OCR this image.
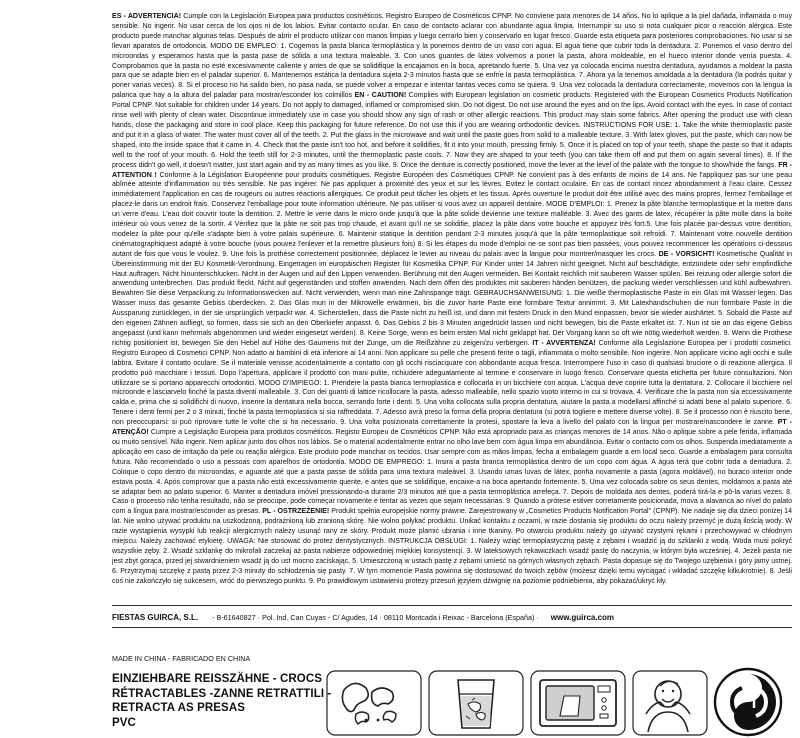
ES - ADVERTENCIA! Cumple con la Legislación Europea para productos cosméticos. Registro Europeo de Cosméticos CPNP. No conviene para menores de 14 años. No lo aplique a la piel dañada, inflamada o muy sensible. No ingerir. No usar cerca de los ojos ni de los labios. Evitar contacto ocular. En caso de contacto aclarar con abundante agua limpia. Interrumpir su uso si nota cualquier picor o reacción alérgica. Este producto puede manchar algunas telas. Después de abrir el producto utilizar con manos limpias y luego cerrarlo bien y conservarlo en lugar fresco. Guarde esta etiqueta para posteriores comprobaciones. No usar si se llevan aparatos de ortodoncia. MODO DE EMPLEO: 1. Cogemos la pasta blanca termoplástica y la ponemos dentro de un vaso con agua. El agua tiene que cubrir toda la dentadura. 2. Ponemos el vaso dentro del microondas y esperamos hasta que la pasta pase de sólida a una textura maleable. 3. Con unos guantes de látex volvemos a poner la pasta, ahora moldeable, en el hueco interior donde venía puesta. 4. Comprobamos que la pasta no esté excesivamente caliente y antes de que se solidifique la encajamos en la boca, apretando fuerte. 5. Una vez ya colocada encima nuestra dentadura, ayudamos a moldear la pasta para que se adapte bien en el paladar superior. 6. Mantenemos estática la dentadura sujeta 2-3 minutos hasta que se enfríe la pasta termoplástica. 7. Ahora ya la tenemos amoldada a la dentadura (la podrás quitar y poner varias veces). 8. Si el proceso no ha salido bien, no pasa nada, se puede volver a empezar e intentar tantas veces como se quiera. 9. Una vez colocada la dentadura correctamente, movemos con la lengua la palanca que hay a la altura del paladar para mostrar/esconder los colmillos EN - CAUTION! Complies with European legislation on cosmetic products. Registered with the European Cosmetics Products Notification Portal CPNP. Not suitable for children under 14 years. Do not apply to damaged, inflamed or compromised skin. Do not digest. Do not use around the eyes and on the lips. Avoid contact with the eyes. In case of contact rinse well with plenty of clean water. Discontinue immediately use in case you should show any sign of rash or other allergic reactions. This product may stain some fabrics. After opening the product use with clean hands, close the packaging and store in cool place. Keep this packaging for future reference. Do not use this if you are wearing orthodontic devices. INSTRUCTIONS FOR USE: 1. Take the white thermoplastic paste and put it in a glass of water. The water must cover all of the teeth. 2. Put the glass in the microwave and wait until the paste goes from solid to a malleable texture. 3. With latex gloves, put the paste, which can now be shaped, into the inside space that it came in. 4. Check that the paste isn't too hot, and before it solidifies, fit it into your mouth, pressing firmly. 5. Once it is placed on top of your teeth, shape the paste so that it adapts well to the roof of your mouth. 6. Hold the teeth still for 2-3 minutes, until the thermoplastic paste cools. 7. Now they are shaped to your teeth (you can take them off and put them on again several times). 8. If the process didn't go well, it doesn't matter, just start again and try as many times as you like. 9. Once the denture is correctly positioned, move the lever at the level of the palate with the tongue to show/hide the fangs. FR - ATTENTION ! Conforme à la Législation Européenne pour produits cosmétiques. Registre Européen des Cosmétiques CPNP. Ne convient pas à des enfants de moins de 14 ans. Ne l'appliquez pas sur une peau abîmée atteinte d'inflammation ou très sensible. Ne pas ingérer. Ne pas appliquer à proximité des yeux et sur les lèvres. Evitez le contact oculaire. En cas de contact rincez abondamment à l'eau claire. Cessez immédiatement l'application en cas de rougeurs ou autres réactions allergiques. Ce produit peut tâcher les objets et les tissus. Après ouverture le produit doit être utilisé avec des mains propres, fermez l'emballage et placez-le dans un endroit frais. Conservez l'emballage pour toute information ultérieure. Ne pas utiliser si vous avez un appareil dentaire. MODE D'EMPLOI: 1. Prenez la pâte blanche termoplastique et la mettre dans un verre d'eau. L'eau doit couvrir toute la dentition. 2. Mettre le verre dans le micro onde jusqu'à que la pâte solide devienne une texture malléable. 3. Avec des gants de latex, récupérer la pâte molle dans la boite intérieur où vous venez de la sortir. 4 Vérifiez que la pâte ne soit pas trop chaude, et avant qu'il ne se solidifie, placez la pâte dans votre bouche et appuyez très fort.5. Une fois placée par-dessus votre dentition, modelez la pâte pour qu'elle s'adapte bien à votre palais supérieure. 6. Maintenir statique la dentition pendant 2-3 minutes jusqu'à que la pâte termoplastique soit refroidi. 7. Maintenant votre nouvelle dentition cinématographiquest adapté à votre bouche (vous pouvez l'enlever et la remettre plusieurs fois) 8. Si les étapes du mode d'emploi ne se sont pas bien passées, vous pouvez recommencer les opérations ci-dessous autant de fois que vous le voulez. 9. Une fois la prothèse correctement positionnée, déplacez le levier au niveau du palais avec la langue pour montrer/masquer les crocs. DE - VORSICHT! Kosmetische Qualität in Übereinstimmung mit der EU Kosmetik-Verordnung. Eingetragen im europäischen Register für Kosmetika CPNP. Für Kinder unter 14 Jahren nicht geeignet. Nicht auf beschädigte, entzündete oder sehr empfindliche Haut auftragen. Nicht hinunterschlucken. Nicht in der Augen und auf den Lippen verwenden. Berührung mit den Augen vermeiden. Bei Kontakt reichlich mit sauberem Wasser spülen. Bei reizung oder allergie sofort die anwendung unterbrechen. Das produkt fleckt. Nicht auf gegenständen und stoffen anwenden. Nach dem öffen des produktes mit sauberen händen benützen, die packung wieder verschliessen und kühl aufbewahren. Bewahren Sie diese Verpackung zu Informationswecken auf. Nicht verwenden, wenn man eine Zahnspange trägt. GEBRAUCHSANWEISUNG: 1. Die weiße thermoplastische Paste in ein Glas mit Wasser legen. Das Wasser muss das gesamte Gebiss überdecken. 2. Das Glas mun in der Mikrowelle erwärmen, bis die zuvor harte Paste eine formbare Textur annimmt. 3. Mit Latexhandschuhen die nun formbare Paste in die Aussparung zurücklegen, in der sie ursprünglich verpackt war. 4. Sicherstellen, dass die Paste nicht zu heiß ist, und dann mit festem Druck in den Mund einpassen, bevor sie wieder aushärtet. 5. Sobald die Paste auf den eigenen Zähnen aufliegt, so formen, dass sie sich an den Oberkiefer anpasst. 6. Das Gebiss 2 bis 3 Minuten angedrückt lassen und nicht bewegen, bis die Paste erkaltet ist. 7. Nun ist sie an das eigene Gebiss angepasst (und kann mehrmals abgenommen und wieder eingesetzt werden). 8. Keine Sorge, wenn es beim ersten Mal nicht geklappt hat. Der Vorgang kann so oft wie nötig wiederholt werden. 9. Wenn die Prothese richtig positioniert ist, bewegen Sie den Hebel auf Höhe des Gaumens mit der Zunge, um die Reißzähne zu zeigen/zu verbergen. IT - AVVERTENZA! Conforme alla Legislazione Europea per i prodotti cosmetici. Registro Europeo di Cosmetici CPNP. Non adatto ai bambini di età inferiore ai 14 anni. Non applicare su pelle che presenti ferite o tagli, infiammata o molto sensibile. Non ingerire. Non applicare vicino agli occhi e sulle labbra. Evitare il contatto oculare. Se il materiale venisse accidentalmente a contatto con gli occhi risciacquare con abbondante acqua fresca. Interrompere l'uso in caso di qualsiasi bruciore o di reazione allergica. Il prodotto può macchiare i tessuti. Dopo l'apertura, applicare il prodotto con mani pulite, richiudere adeguatamente al termine e conservare in luogo fresco. Conservare questa etichetta per future consultazioni. Non utilizzare se si portano apparecchi ortodontici. MODO D'IMPIEGO: 1. Prendere la pasta bianca termoplastica e collocarla in un bicchiere con acqua. L'acqua deve coprire tutta la dentatura. 2. Collocare il bicchiere nel microonde e lasciarvelo finché la pasta diventi malleabile. 3. Con dei guanti di lattice ricollocare la pasta, adesso malleabile, nello spazio vuoto interno in cui si trovava. 4. Verificare che la pasta non sia eccessivamente calda e, prima che si solidifichi di nuovo, inserire la dentatura nella bocca, serrando forte i denti. 5. Una volta collocata sulla propria dentatura, aiutare la pasta a modellarsi affinché si adatti bene al palato superiore. 6. Tenere i denti fermi per 2 o 3 minuti, finché la pasta termoplastica si sia raffreddata. 7. Adesso avrà preso la forma della propria dentatura (si potrà togliere e mettere diverse volte). 8. Se il processo non è riuscito bene, non preoccuparsi: si può riprovare tutte le volte che si ha necessario. 9. Una volta posizionata correttamente la protesi, spostare la leva a livello del palato con la lingua per mostrare/nascondere le zanne. PT - ATENÇÃO! Cumpre a Legislação Europeia para produtos cosméticos. Registo Europeu de Cosméticos CPNP. Não está apropriado para as crianças menores de 14 anos. Não o aplique sobre a pele ferida, inflamada ou muito sensível. Não ingerir. Nem aplicar junto dos olhos nos lábios. Se o material acidentalmente entrar no olho lave bem com água limpa em abundância. Evitar o contacto com os olhos. Suspenda imediatamente a aplicação em caso de irritação da pele ou reação alérgica. Este produto pode manchar os tecidos. Usar sempre com as mãos limpas, fecha a embalagem guarde a em local seco. Guarde a embalagem para consulta futura. Não recomendado o uso a pessoas com aparelhos de ortodontia. MODO DE EMPREGO: 1. Insira a pasta branca termoplástica dentro de um copo com água. A água terá que cobrir toda a dentadura. 2. Coloque o copo dentro do microondas, e aguarde até que a pasta passe de sólida para uma textura maleável. 3. Usando umas luvas de látex, ponha novamente a pasta (agora moldável), no buraco interior onde estava posta. 4. Após comprovar que a pasta não está excessivamente quente, e antes que se solidifique, encaixe-a na boca apertando fortemente. 5. Uma vez colocada sobre os seus dentes, moldamos a pasta até se adaptar bem ao palato superior. 6. Manter a dentadura imóvel pressionando-a durante 2/3 minutos até que a pasta termoplástica arrefeça. 7. Depois de moldada aos dentes, poderá tirá-la e pô-la varias vezes. 8. Caso o processo não tenha resultado, não se preocupe, pode começar novamente e tentar as vezes que sejam necessárias. 9. Quando a prótese estiver corretamente posicionada, mova a alavanca ao nível do palato com a língua para mostrar/esconder as presas. PL - OSTRZEŻENIE! Produkt spełnia europejskie normy prawne. Zarejestrowany w „Cosmetics Products Notification Portal" (CPNP). Nie nadaje się dla dzieci poniżej 14 lat. Nie wolno używać produktu na uszkodzoną, podrażnioną lub zranioną skórę. Nie wolno połykać produktu. Unikać kontaktu z oczami, w razie dostania się produktu do oczu należy przemyć je dużą ilością wody. W razie wystąpienia wysypki lub reakcji alergicznych należy usunąć rany ze skóry. Produkt może plamić ubrania i inne tkaniny. Po otwarciu produktu należy go używać czystymi rękami i przechowywać w chłodnym miejscu. Należy zachować etykietę. UWAGA: Nie stosować do protez dentystycznych. INSTRUKCJA OBSŁUGI: 1. Należy wziąć termoplastyczną pastę z zębami i wsadzić ją do szklanki z wodą. Woda musi pokryć wszystkie zęby. 2. Wsadź szklankę do mikrofali zaczekaj aż pasta nabierze odpowiedniej miękkiej konsystencji. 3. W lateksowych rękawiczkach wsadź pastę do naczynia, w którym była wcześniej. 4. Jeżeli pasta nie jest zbyt gorąca, przed jej stwardnieniem wsadź ją do ust mocno zaciskając. 5. Umieszczoną w ustach pastę z zębami umieść na górnych własnych zębach. Pasta dopasuje się do Twojego uzębienia i góry jamy ustnej. 6. Przytrzymaj szczękę z pastą przez 2-3 minuty do schłodzenia się pasty. 7. W tym momencie Pasta powinna się dostosować do twoich zębów (możesz dzięki temu wyciągać i wkładać szczękę kilkukrotnie). 8. Jeśli coś nie zakończyło się sukcesem, wróć do pierwszego punktu. 9. Po prawidłowym ustawieniu protezy przesuń języiem dźwignię na poziomie podniebienia, aby pokazać/ukryć kły.

FIESTAS GUIRCA, S.L. - B-61640827 · Pol. Ind. Can Cuyas - C/ Agudes, 14 · 08110 Montcada i Reixac - Barcelona (España) · www.guirca.com
MADE IN CHINA - FABRICADO EN CHINA
EINZIEHBARE REISSZÄHNE - CROCS
RÉTRACTABLES -ZANNE RETRATTILI -
RETRACTA AS PRESAS
PVC
